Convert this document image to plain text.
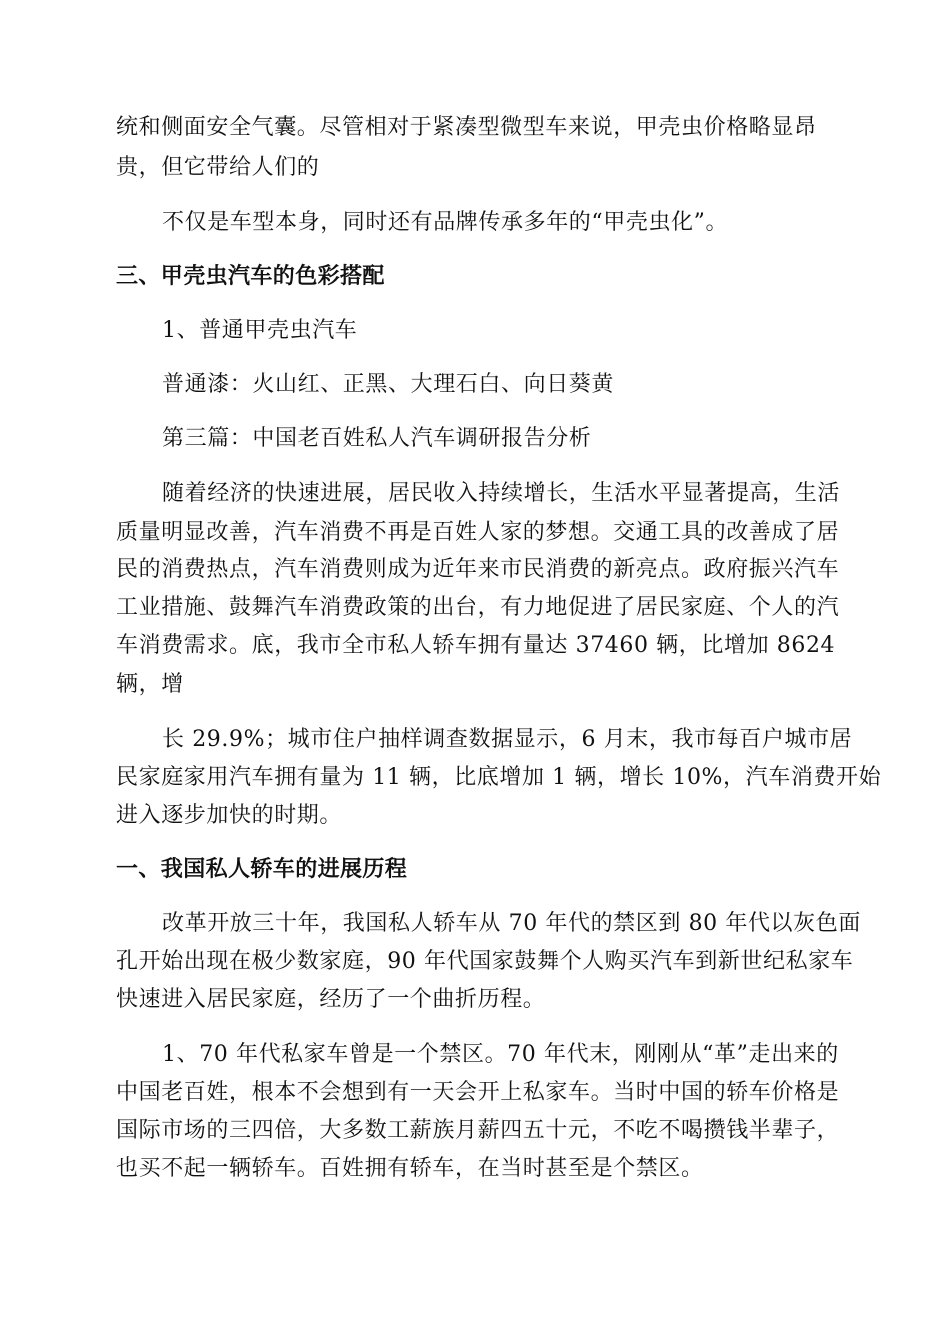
统和侧面安全气囊。尽管相对于紧凑型微型车来说，甲壳虫价格略显昂
贵，但它带给人们的
不仅是车型本身，同时还有品牌传承多年的“甲壳虫化”。
三、甲壳虫汽车的色彩搭配
1、普通甲壳虫汽车
普通漆：火山红、正黑、大理石白、向日葵黄
第三篇：中国老百姓私人汽车调研报告分析
随着经济的快速进展，居民收入持续增长，生活水平显著提高，生活
质量明显改善，汽车消费不再是百姓人家的梦想。交通工具的改善成了居
民的消费热点，汽车消费则成为近年来市民消费的新亮点。政府振兴汽车
工业措施、鼓舞汽车消费政策的出台，有力地促进了居民家庭、个人的汽
车消费需求。底，我市全市私人轿车拥有量达 37460 辆，比增加 8624
辆，增
长 29.9%；城市住户抽样调查数据显示，6 月末，我市每百户城市居
民家庭家用汽车拥有量为 11 辆，比底增加 1 辆，增长 10%，汽车消费开始
进入逐步加快的时期。
一、我国私人轿车的进展历程
改革开放三十年，我国私人轿车从 70 年代的禁区到 80 年代以灰色面
孔开始出现在极少数家庭，90 年代国家鼓舞个人购买汽车到新世纪私家车
快速进入居民家庭，经历了一个曲折历程。
1、70 年代私家车曾是一个禁区。70 年代末，刚刚从“革”走出来的
中国老百姓，根本不会想到有一天会开上私家车。当时中国的轿车价格是
国际市场的三四倍，大多数工薪族月薪四五十元，不吃不喝攒钱半辈子，
也买不起一辆轿车。百姓拥有轿车，在当时甚至是个禁区。
